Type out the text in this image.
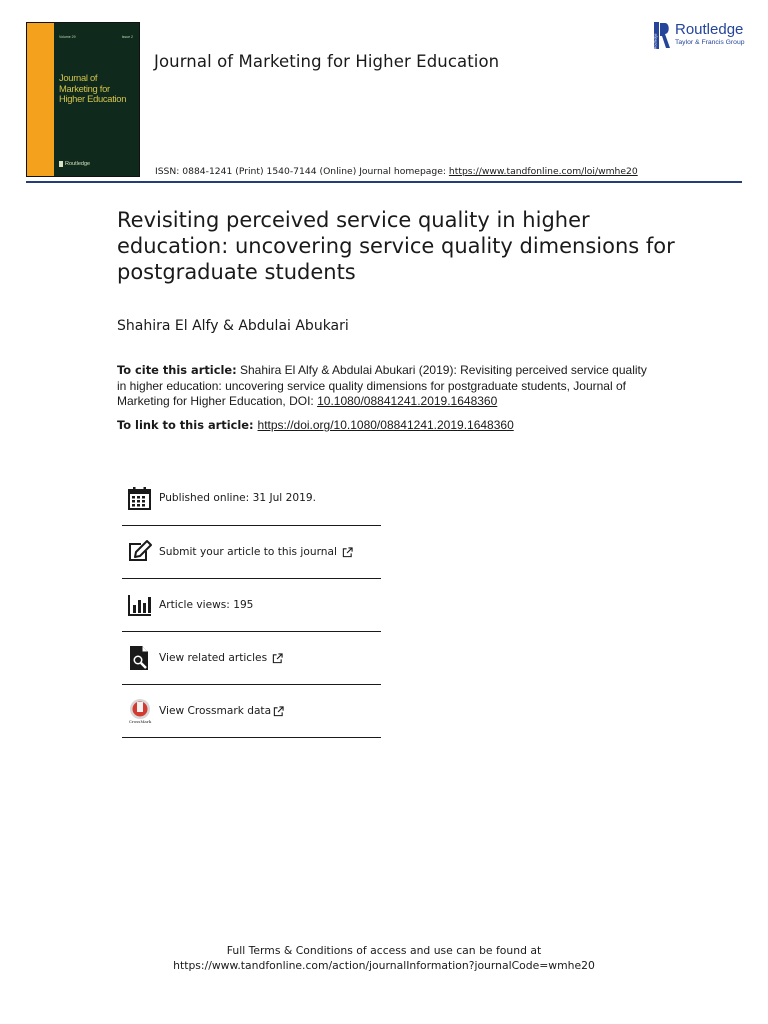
Volume 29	Issue 2
Journal of Marketing for Higher Education
Routledge
Journal of Marketing for Higher Education
Routledge
Routledge
Taylor & Francis Group
ISSN: 0884-1241 (Print) 1540-7144 (Online) Journal homepage: https://www.tandfonline.com/loi/wmhe20
Revisiting perceived service quality in higher education: uncovering service quality dimensions for postgraduate students
Shahira El Alfy & Abdulai Abukari
To cite this article: Shahira El Alfy & Abdulai Abukari (2019): Revisiting perceived service quality in higher education: uncovering service quality dimensions for postgraduate students, Journal of Marketing for Higher Education, DOI: 10.1080/08841241.2019.1648360
To link to this article: https://doi.org/10.1080/08841241.2019.1648360
Published online: 31 Jul 2019.
Submit your article to this journal
Article views: 195
View related articles
CrossMark
View Crossmark data
Full Terms & Conditions of access and use can be found at
https://www.tandfonline.com/action/journalInformation?journalCode=wmhe20
